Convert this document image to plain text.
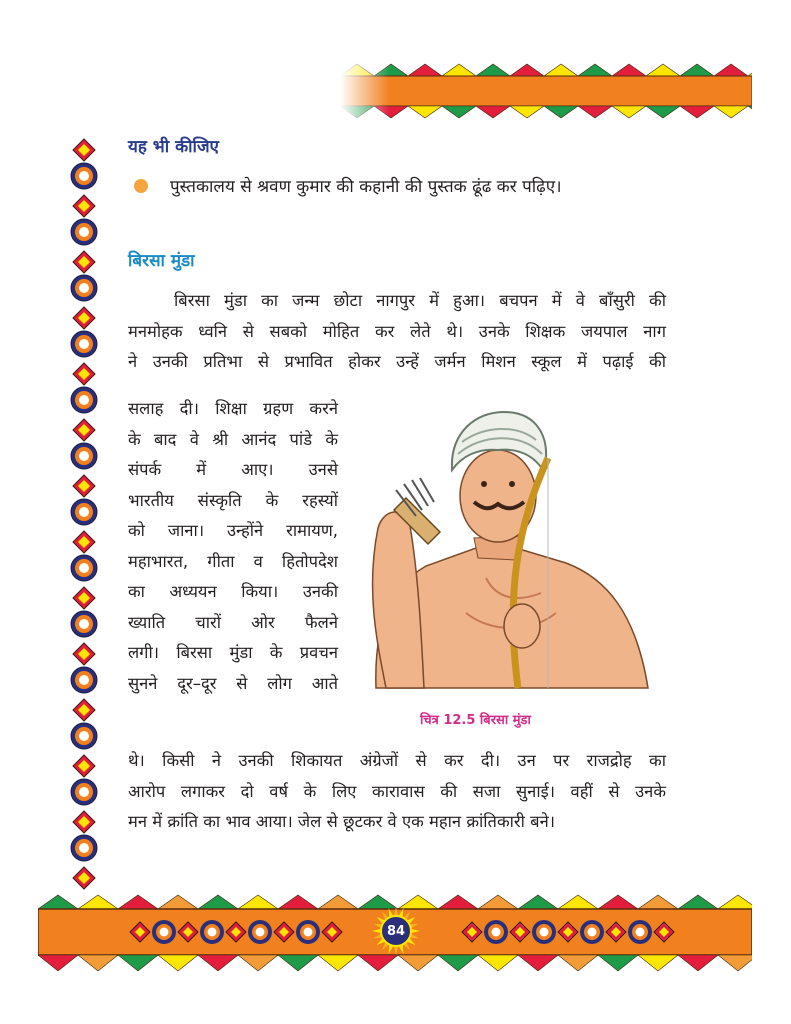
यह भी कीजिए
पुस्तकालय से श्रवण कुमार की कहानी की पुस्तक ढूंढ कर पढ़िए।
बिरसा मुंडा
बिरसा मुंडा का जन्म छोटा नागपुर में हुआ। बचपन में वे बाँसुरी की
मनमोहक ध्वनि से सबको मोहित कर लेते थे। उनके शिक्षक जयपाल नाग
ने उनकी प्रतिभा से प्रभावित होकर उन्हें जर्मन मिशन स्कूल में पढ़ाई की
सलाह दी। शिक्षा ग्रहण करने
के बाद वे श्री आनंद पांडे के
संपर्क में आए। उनसे
भारतीय संस्कृति के रहस्यों
को जाना। उन्होंने रामायण,
महाभारत, गीता व हितोपदेश
का अध्ययन किया। उनकी
ख्याति चारों ओर फैलने
लगी। बिरसा मुंडा के प्रवचन
सुनने दूर–दूर से लोग आते
चित्र 12.5 बिरसा मुंडा
थे। किसी ने उनकी शिकायत अंग्रेजों से कर दी। उन पर राजद्रोह का
आरोप लगाकर दो वर्ष के लिए कारावास की सजा सुनाई। वहीं से उनके
मन में क्रांति का भाव आया। जेल से छूटकर वे एक महान क्रांतिकारी बने।
84
